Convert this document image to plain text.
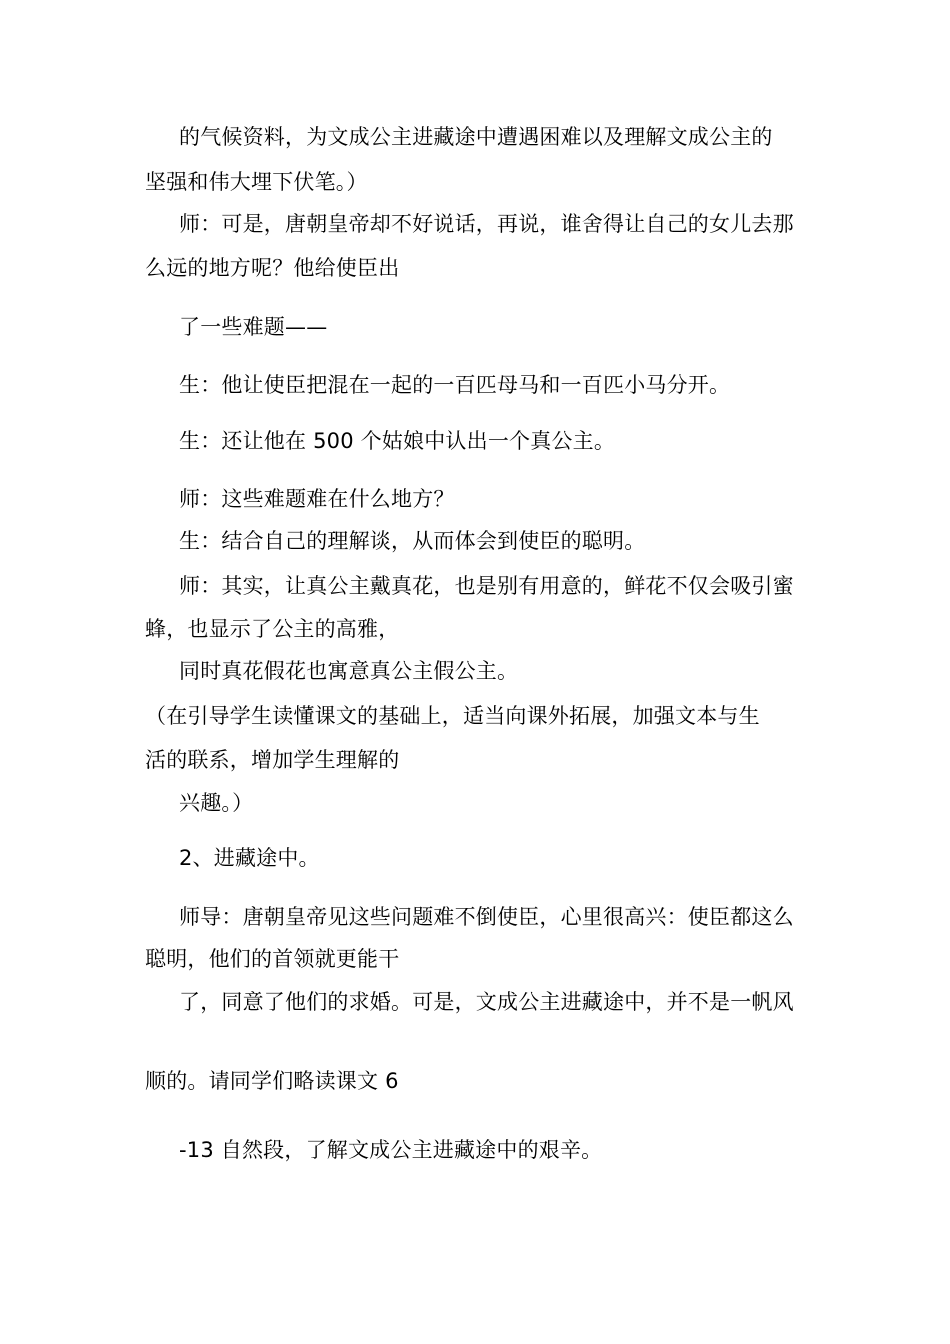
的气候资料，为文成公主进藏途中遭遇困难以及理解文成公主的
坚强和伟大埋下伏笔。）
师：可是，唐朝皇帝却不好说话，再说，谁舍得让自己的女儿去那
么远的地方呢？他给使臣出
了一些难题——
生：他让使臣把混在一起的一百匹母马和一百匹小马分开。
生：还让他在 500 个姑娘中认出一个真公主。
师：这些难题难在什么地方？
生：结合自己的理解谈，从而体会到使臣的聪明。
师：其实，让真公主戴真花，也是别有用意的，鲜花不仅会吸引蜜
蜂，也显示了公主的高雅，
同时真花假花也寓意真公主假公主。
（在引导学生读懂课文的基础上，适当向课外拓展，加强文本与生
活的联系，增加学生理解的
兴趣。）
2、进藏途中。
师导：唐朝皇帝见这些问题难不倒使臣，心里很高兴：使臣都这么
聪明，他们的首领就更能干
了，同意了他们的求婚。可是，文成公主进藏途中，并不是一帆风
顺的。请同学们略读课文 6
-13 自然段，了解文成公主进藏途中的艰辛。
